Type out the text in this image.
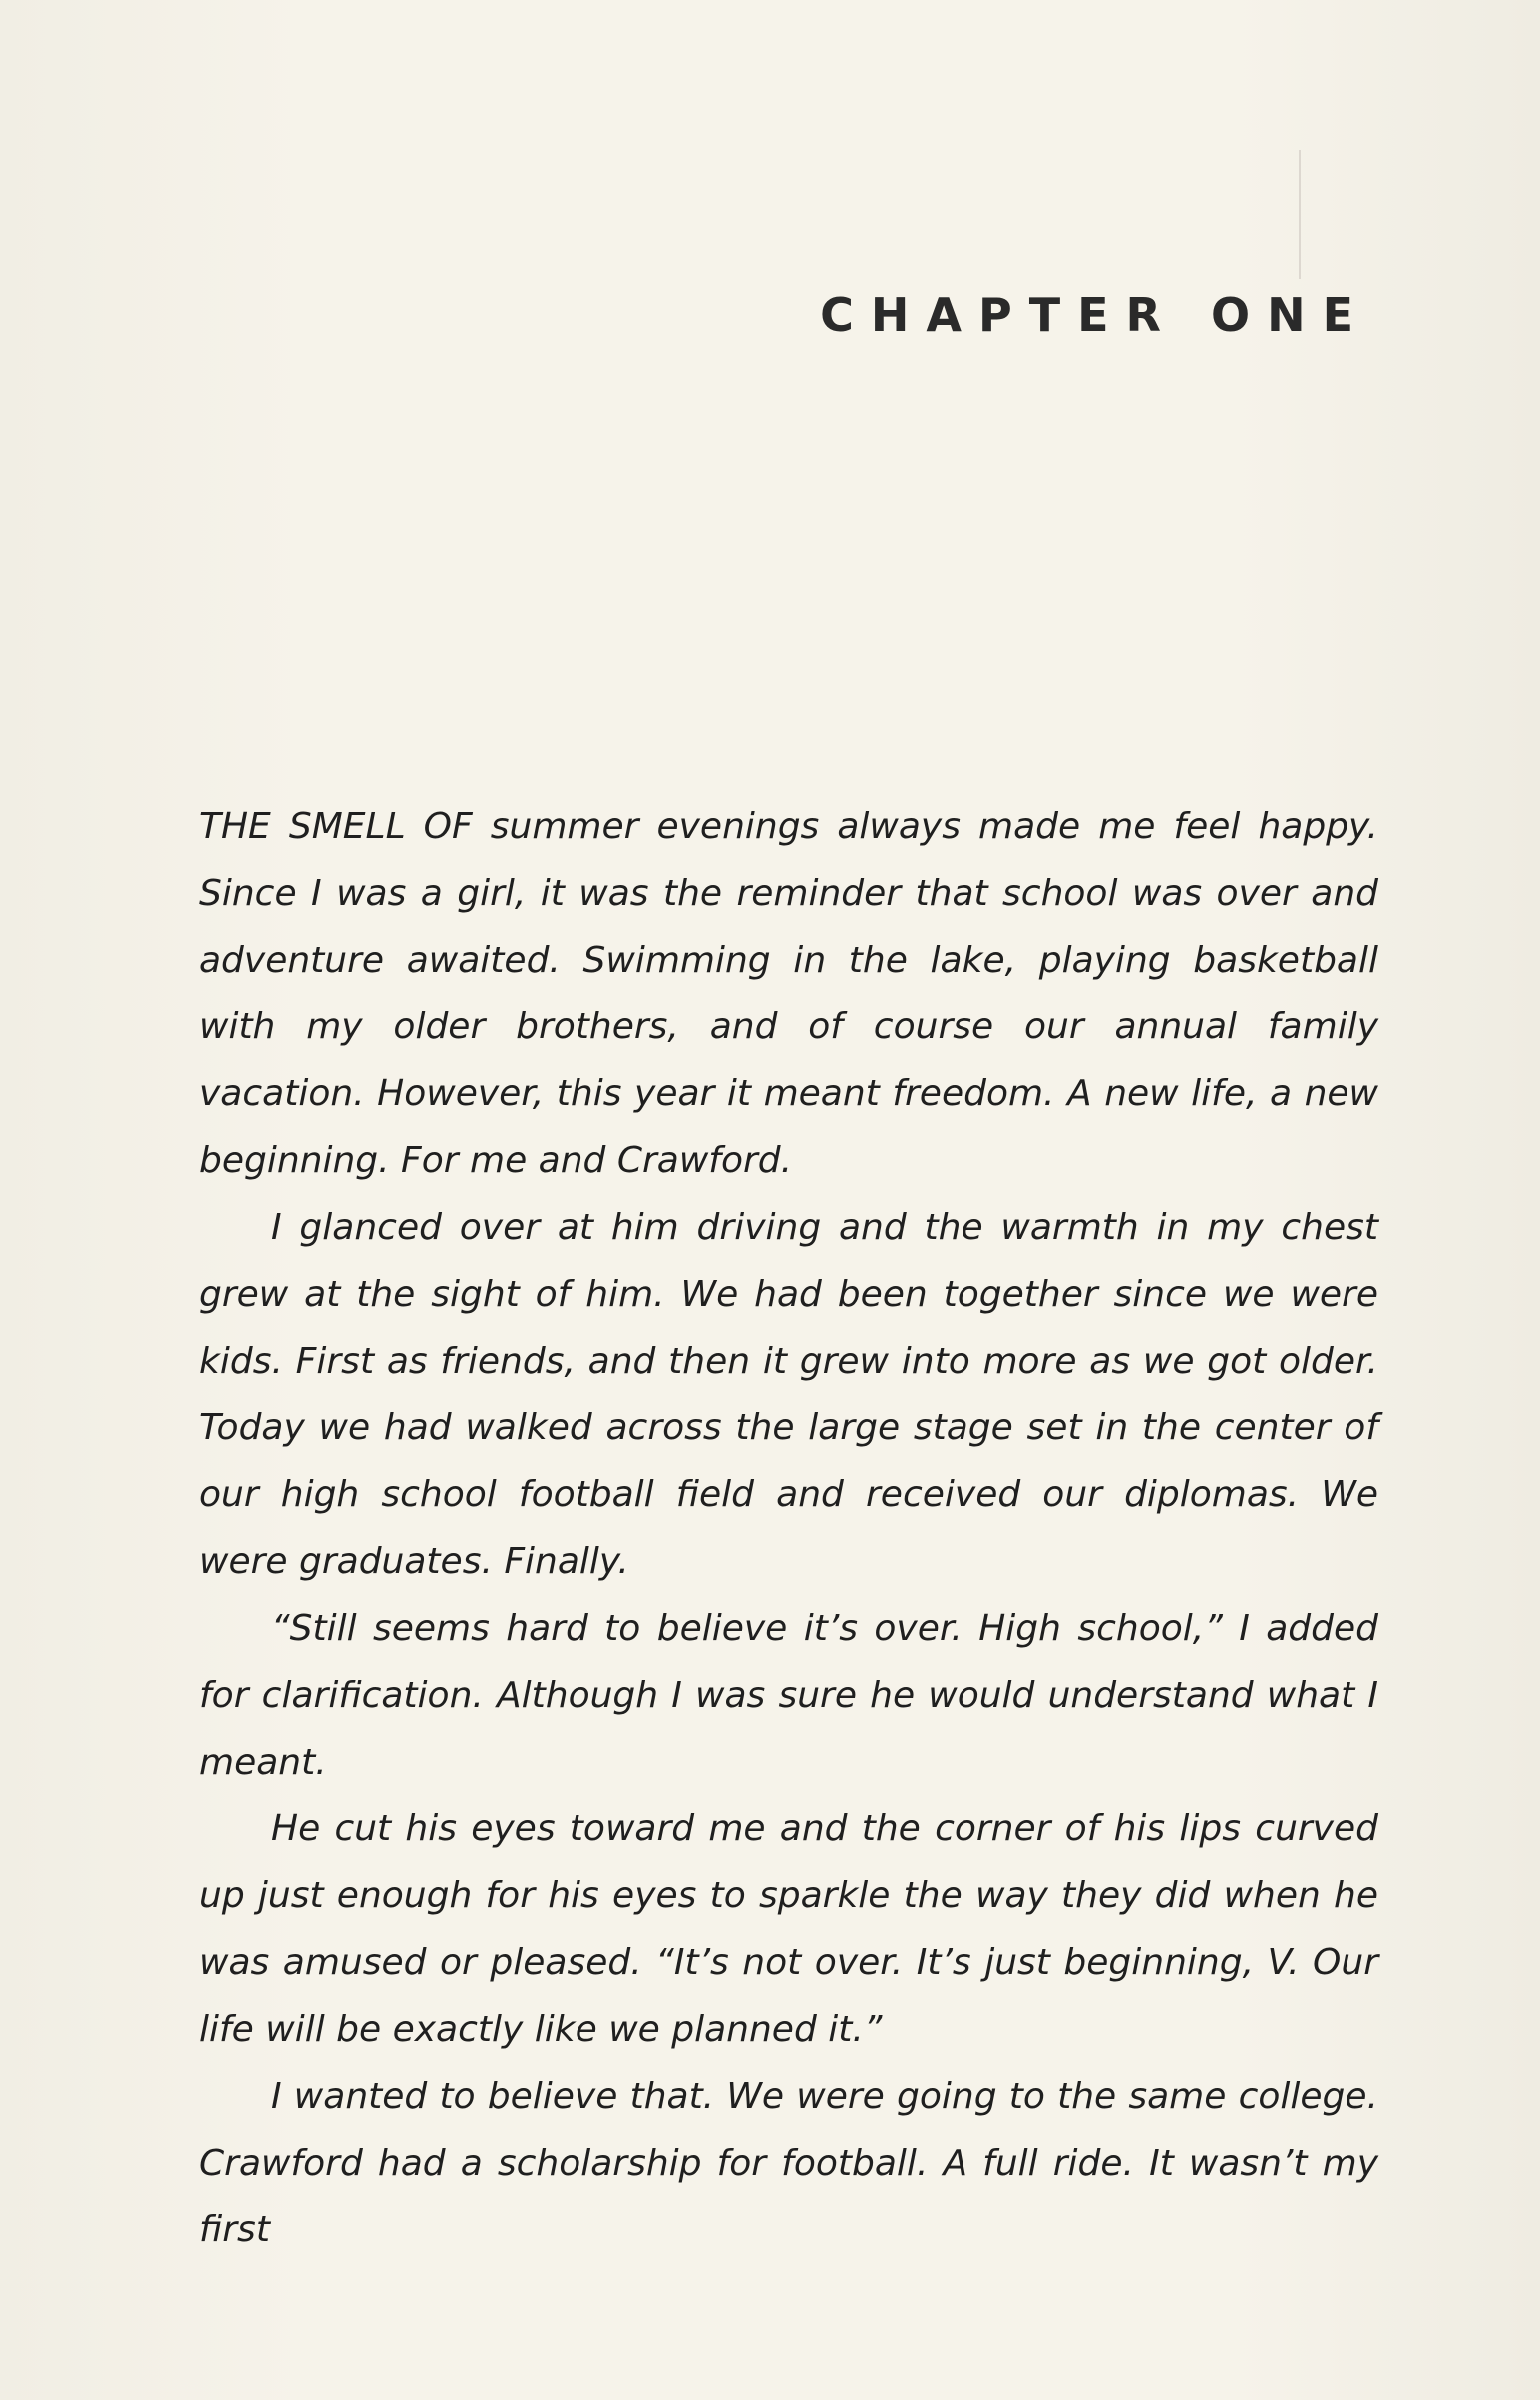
CHAPTER ONE

THE SMELL OF summer evenings always made me feel happy. Since I was a girl, it was the reminder that school was over and adventure awaited. Swimming in the lake, playing basketball with my older brothers, and of course our annual family vacation. However, this year it meant freedom. A new life, a new beginning. For me and Crawford.

I glanced over at him driving and the warmth in my chest grew at the sight of him. We had been together since we were kids. First as friends, and then it grew into more as we got older. Today we had walked across the large stage set in the center of our high school football field and received our diplomas. We were graduates. Finally.

“Still seems hard to believe it’s over. High school,” I added for clarification. Although I was sure he would understand what I meant.

He cut his eyes toward me and the corner of his lips curved up just enough for his eyes to sparkle the way they did when he was amused or pleased. “It’s not over. It’s just beginning, V. Our life will be exactly like we planned it.”

I wanted to believe that. We were going to the same college. Crawford had a scholarship for football. A full ride. It wasn’t my first
